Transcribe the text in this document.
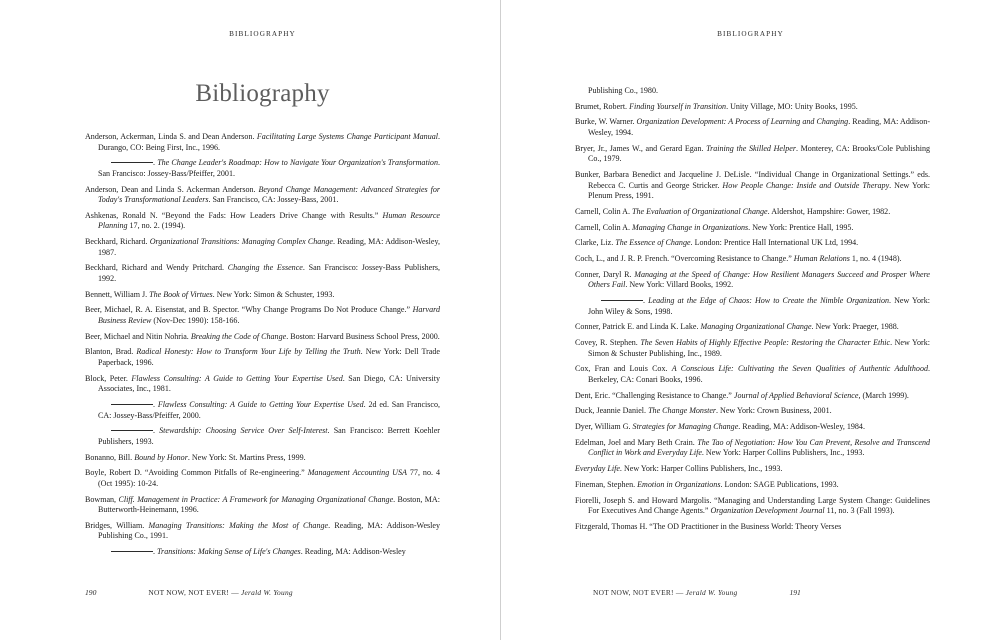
BIBLIOGRAPHY
Bibliography

Anderson, Ackerman, Linda S. and Dean Anderson. Facilitating Large Systems Change Participant Manual. Durango, CO: Being First, Inc., 1996.

. The Change Leader's Roadmap: How to Navigate Your Organization's Transformation. San Francisco: Jossey-Bass/Pfeiffer, 2001.

Anderson, Dean and Linda S. Ackerman Anderson. Beyond Change Management: Advanced Strategies for Today's Transformational Leaders. San Francisco, CA: Jossey-Bass, 2001.

Ashkenas, Ronald N. “Beyond the Fads: How Leaders Drive Change with Results.” Human Resource Planning 17, no. 2. (1994).

Beckhard, Richard. Organizational Transitions: Managing Complex Change. Reading, MA: Addison-Wesley, 1987.

Beckhard, Richard and Wendy Pritchard. Changing the Essence. San Francisco: Jossey-Bass Publishers, 1992.

Bennett, William J. The Book of Virtues. New York: Simon & Schuster, 1993.

Beer, Michael, R. A. Eisenstat, and B. Spector. “Why Change Programs Do Not Produce Change.” Harvard Business Review (Nov-Dec 1990): 158-166.

Beer, Michael and Nitin Nohria. Breaking the Code of Change. Boston: Harvard Business School Press, 2000.

Blanton, Brad. Radical Honesty: How to Transform Your Life by Telling the Truth. New York: Dell Trade Paperback, 1996.

Block, Peter. Flawless Consulting: A Guide to Getting Your Expertise Used. San Diego, CA: University Associates, Inc., 1981.

. Flawless Consulting: A Guide to Getting Your Expertise Used. 2d ed. San Francisco, CA: Jossey-Bass/Pfeiffer, 2000.

. Stewardship: Choosing Service Over Self-Interest. San Francisco: Berrett Koehler Publishers, 1993.

Bonanno, Bill. Bound by Honor. New York: St. Martins Press, 1999.

Boyle, Robert D. “Avoiding Common Pitfalls of Re-engineering.” Management Accounting USA 77, no. 4 (Oct 1995): 10-24.

Bowman, Cliff. Management in Practice: A Framework for Managing Organizational Change. Boston, MA: Butterworth-Heinemann, 1996.

Bridges, William. Managing Transitions: Making the Most of Change. Reading, MA: Addison-Wesley Publishing Co., 1991.

. Transitions: Making Sense of Life's Changes. Reading, MA: Addison-Wesley

190	NOT NOW, NOT EVER! — Jerald W. Young
BIBLIOGRAPHY

Publishing Co., 1980.

Brumet, Robert. Finding Yourself in Transition. Unity Village, MO: Unity Books, 1995.

Burke, W. Warner. Organization Development: A Process of Learning and Changing. Reading, MA: Addison-Wesley, 1994.

Bryer, Jr., James W., and Gerard Egan. Training the Skilled Helper. Monterey, CA: Brooks/Cole Publishing Co., 1979.

Bunker, Barbara Benedict and Jacqueline J. DeLisle. “Individual Change in Organizational Settings.” eds. Rebecca C. Curtis and George Stricker. How People Change: Inside and Outside Therapy. New York: Plenum Press, 1991.

Carnell, Colin A. The Evaluation of Organizational Change. Aldershot, Hampshire: Gower, 1982.

Carnell, Colin A. Managing Change in Organizations. New York: Prentice Hall, 1995.

Clarke, Liz. The Essence of Change. London: Prentice Hall International UK Ltd, 1994.

Coch, L., and J. R. P. French. “Overcoming Resistance to Change.” Human Relations 1, no. 4 (1948).

Conner, Daryl R. Managing at the Speed of Change: How Resilient Managers Succeed and Prosper Where Others Fail. New York: Villard Books, 1992.

. Leading at the Edge of Chaos: How to Create the Nimble Organization. New York: John Wiley & Sons, 1998.

Conner, Patrick E. and Linda K. Lake. Managing Organizational Change. New York: Praeger, 1988.

Covey, R. Stephen. The Seven Habits of Highly Effective People: Restoring the Character Ethic. New York: Simon & Schuster Publishing, Inc., 1989.

Cox, Fran and Louis Cox. A Conscious Life: Cultivating the Seven Qualities of Authentic Adulthood. Berkeley, CA: Conari Books, 1996.

Dent, Eric. “Challenging Resistance to Change.” Journal of Applied Behavioral Science, (March 1999).

Duck, Jeannie Daniel. The Change Monster. New York: Crown Business, 2001.

Dyer, William G. Strategies for Managing Change. Reading, MA: Addison-Wesley, 1984.

Edelman, Joel and Mary Beth Crain. The Tao of Negotiation: How You Can Prevent, Resolve and Transcend Conflict in Work and Everyday Life. New York: Harper Collins Publishers, Inc., 1993.

Everyday Life. New York: Harper Collins Publishers, Inc., 1993.

Fineman, Stephen. Emotion in Organizations. London: SAGE Publications, 1993.

Fiorelli, Joseph S. and Howard Margolis. “Managing and Understanding Large System Change: Guidelines For Executives And Change Agents.” Organization Development Journal 11, no. 3 (Fall 1993).

Fitzgerald, Thomas H. “The OD Practitioner in the Business World: Theory Verses

NOT NOW, NOT EVER! — Jerald W. Young	191
